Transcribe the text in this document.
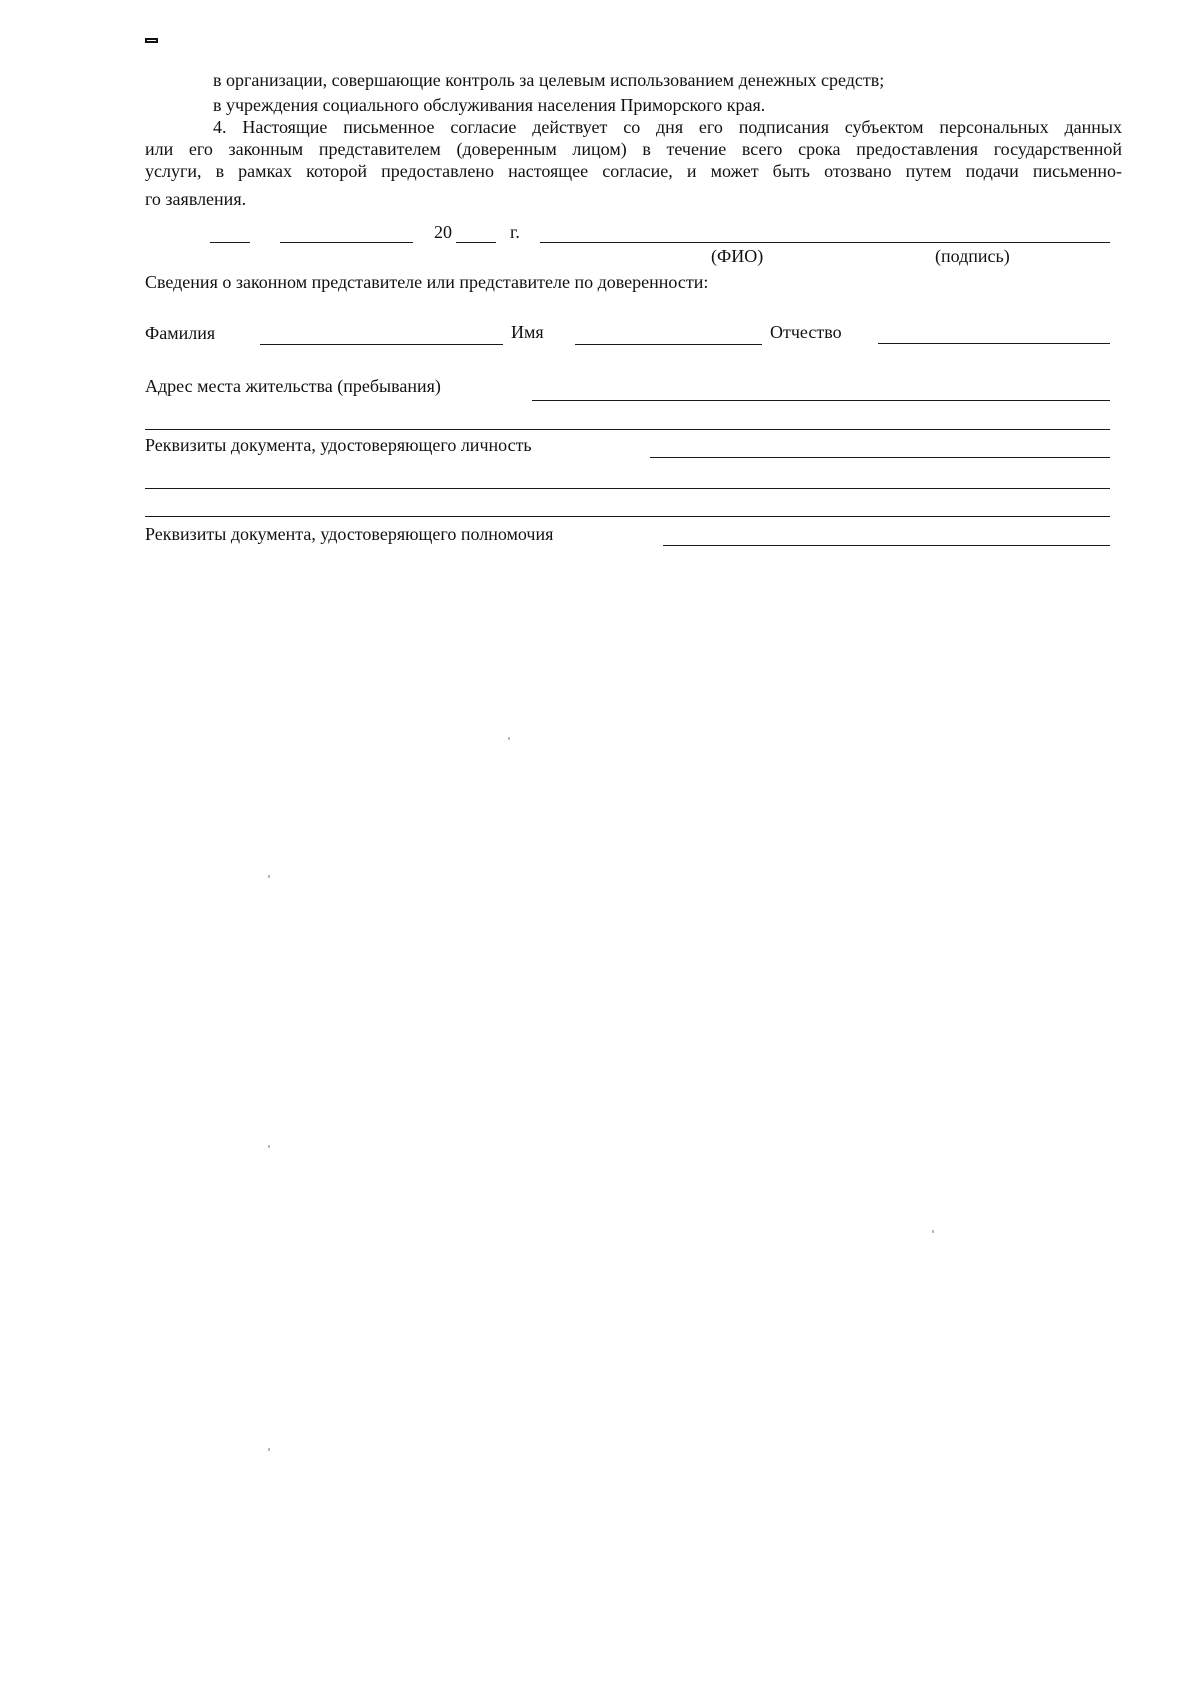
в организации, совершающие контроль за целевым использованием денежных средств;
в учреждения социального обслуживания населения Приморского края.
4. Настоящие письменное согласие действует со дня его подписания субъектом персональных данных
или его законным представителем (доверенным лицом) в течение всего срока предоставления государственной
услуги, в рамках которой предоставлено настоящее согласие, и может быть отозвано путем подачи письменно-
го заявления.
20	г.
(ФИО)	(подпись)
Сведения о законном представителе или представителе по доверенности:
Фамилия	Имя	Отчество
Адрес места жительства (пребывания)
Реквизиты документа, удостоверяющего личность
Реквизиты документа, удостоверяющего полномочия
